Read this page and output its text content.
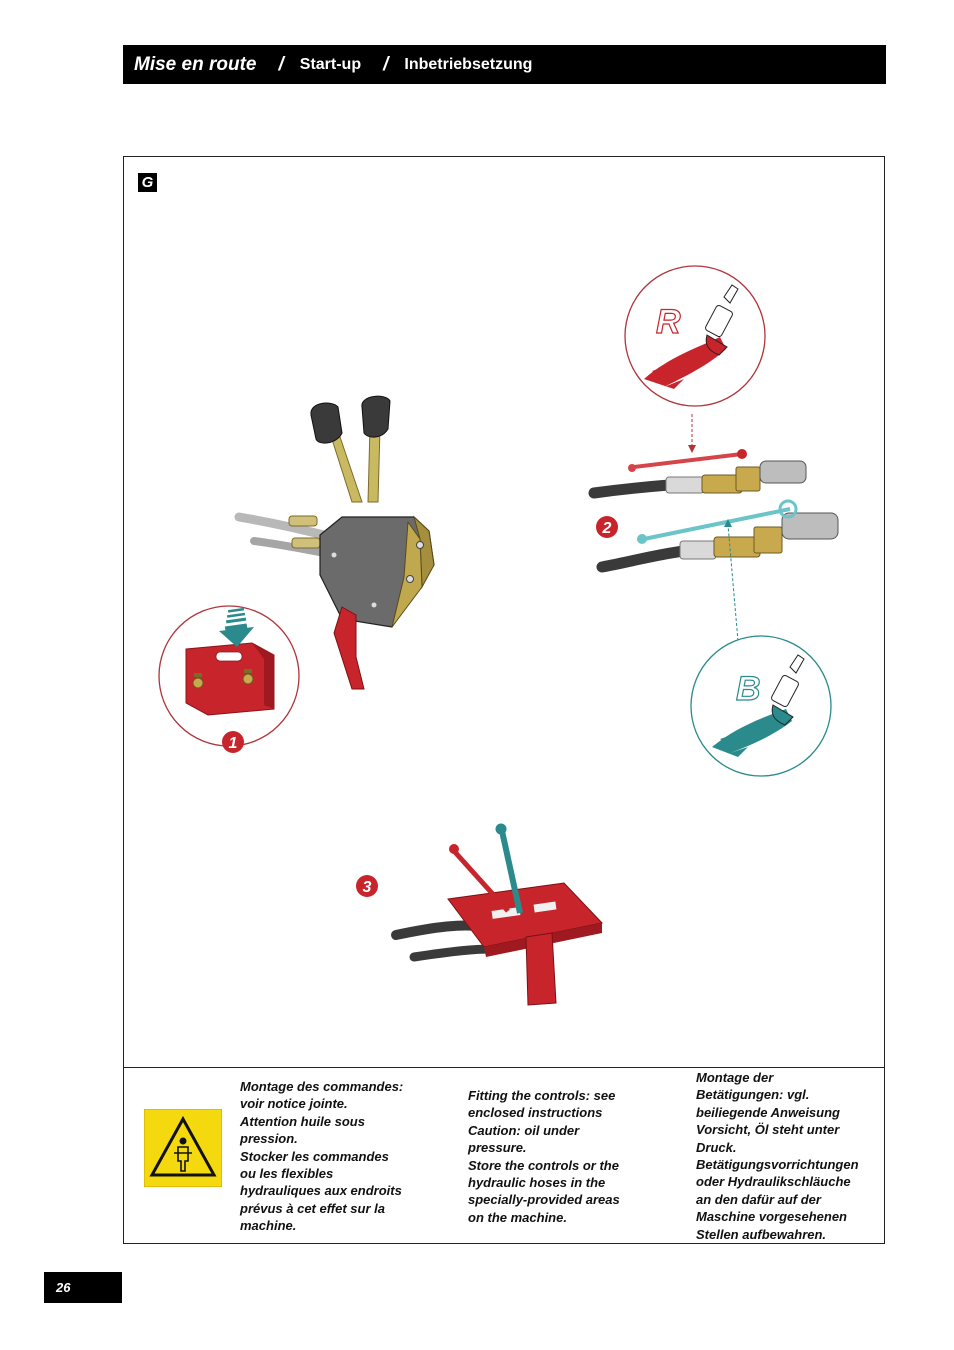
Mise en route / Start-up / Inbetriebsetzung
G
1
R
2
B
3
Montage des commandes:
voir notice jointe.
Attention huile sous
pression.
Stocker les commandes
ou les flexibles
hydrauliques aux endroits
prévus à cet effet sur la
machine.
Fitting the controls: see
enclosed instructions
Caution: oil under
pressure.
Store the controls or the
hydraulic hoses in the
specially-provided areas
on the machine.
Montage der
Betätigungen: vgl.
beiliegende Anweisung
Vorsicht, Öl steht unter
Druck.
Betätigungsvorrichtungen
oder Hydraulikschläuche
an den dafür auf der
Maschine vorgesehenen
Stellen aufbewahren.
26
